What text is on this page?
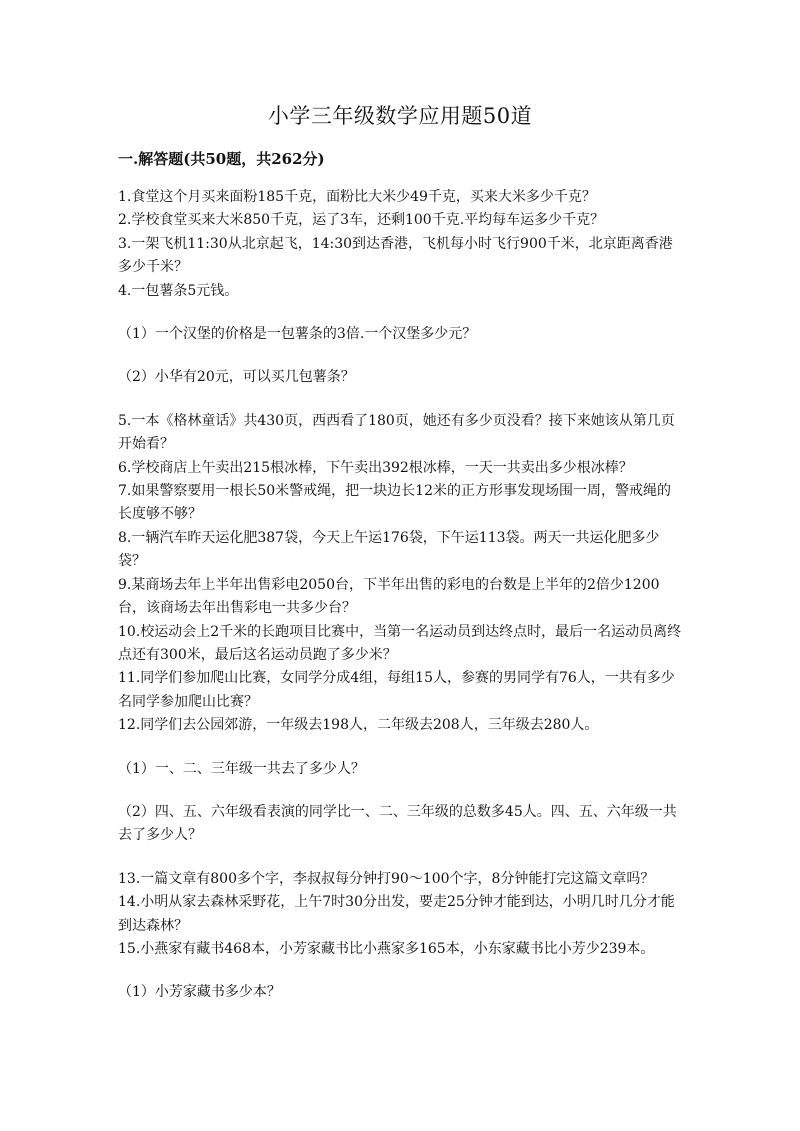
小学三年级数学应用题50道
一.解答题(共50题，共262分)

1.食堂这个月买来面粉185千克，面粉比大米少49千克，买来大米多少千克？

2.学校食堂买来大米850千克，运了3车，还剩100千克.平均每车运多少千克？

3.一架飞机11:30从北京起飞，14:30到达香港，飞机每小时飞行900千米，北京距离香港多少千米？

4.一包薯条5元钱。

（1）一个汉堡的价格是一包薯条的3倍.一个汉堡多少元？

（2）小华有20元，可以买几包薯条？

5.一本《格林童话》共430页，西西看了180页，她还有多少页没看？接下来她该从第几页开始看？

6.学校商店上午卖出215根冰棒，下午卖出392根冰棒，一天一共卖出多少根冰棒？

7.如果警察要用一根长50米警戒绳，把一块边长12米的正方形事发现场围一周，警戒绳的长度够不够？

8.一辆汽车昨天运化肥387袋，今天上午运176袋，下午运113袋。两天一共运化肥多少袋？

9.某商场去年上半年出售彩电2050台，下半年出售的彩电的台数是上半年的2倍少1200台，该商场去年出售彩电一共多少台？

10.校运动会上2千米的长跑项目比赛中，当第一名运动员到达终点时，最后一名运动员离终点还有300米，最后这名运动员跑了多少米？

11.同学们参加爬山比赛，女同学分成4组，每组15人，参赛的男同学有76人，一共有多少名同学参加爬山比赛？

12.同学们去公园郊游，一年级去198人，二年级去208人，三年级去280人。

（1）一、二、三年级一共去了多少人？

（2）四、五、六年级看表演的同学比一、二、三年级的总数多45人。四、五、六年级一共去了多少人？

13.一篇文章有800多个字，李叔叔每分钟打90～100个字，8分钟能打完这篇文章吗？

14.小明从家去森林采野花，上午7时30分出发，要走25分钟才能到达，小明几时几分才能到达森林？

15.小燕家有藏书468本，小芳家藏书比小燕家多165本，小东家藏书比小芳少239本。

（1）小芳家藏书多少本？
